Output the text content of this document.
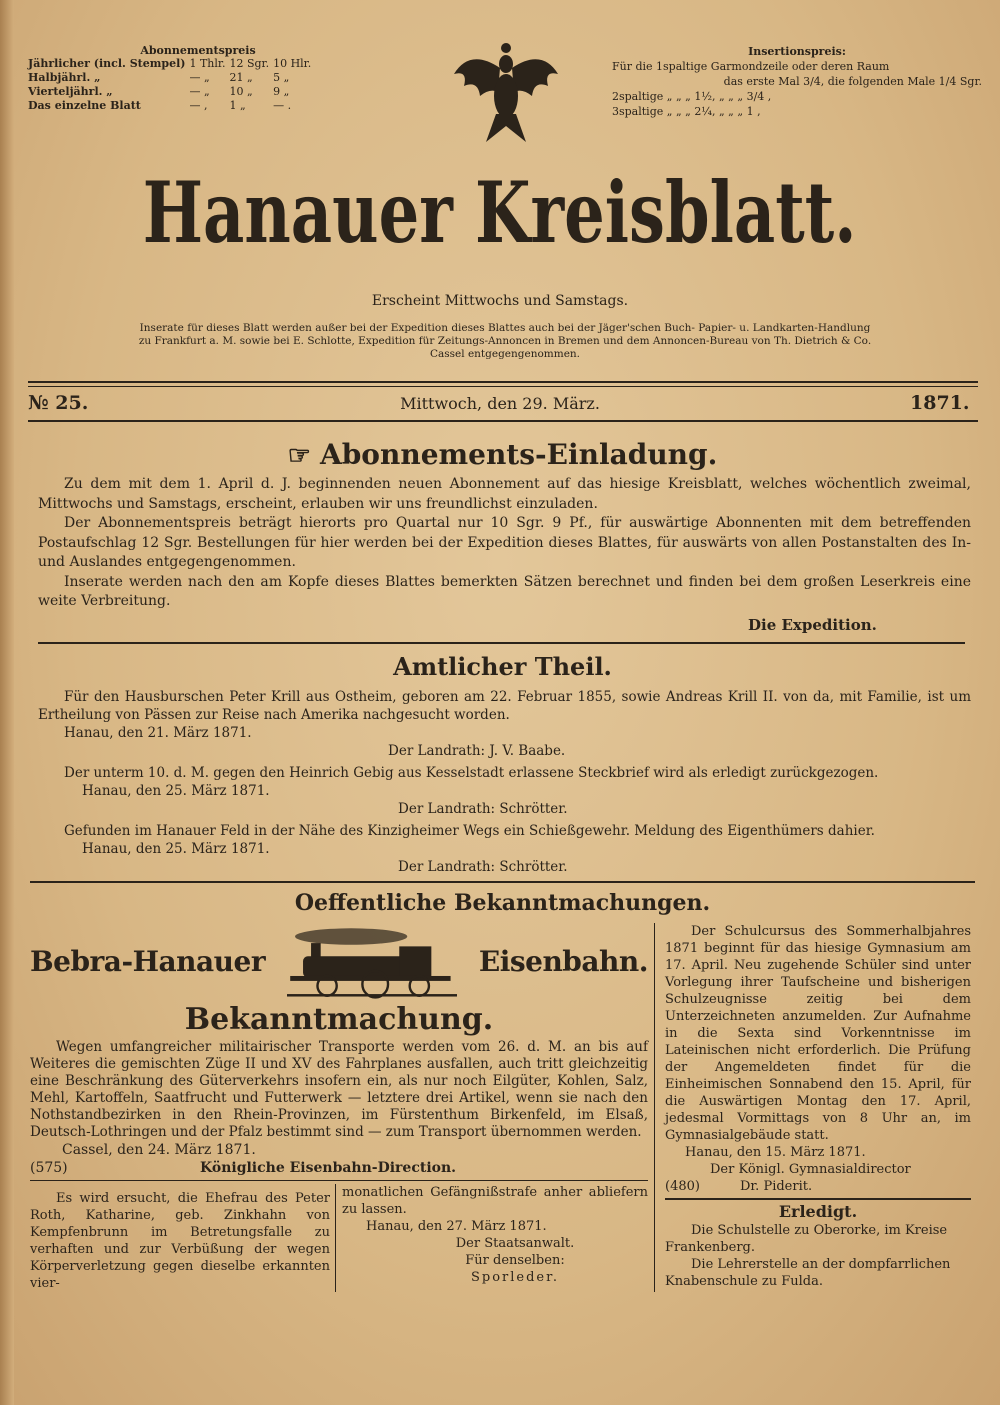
Abonnementspreis
Jährlicher (incl. Stempel)	1 Thlr.	12 Sgr.	10 Hlr.
Halbjährl. „	— „	21 „	5 „
Vierteljährl. „	— „	10 „	9 „
Das einzelne Blatt	— ,	1 „	— .
Insertionspreis:
Für die 1spaltige Garmondzeile oder deren Raum
das erste Mal 3/4, die folgenden Male 1/4 Sgr.
2spaltige „ „ „ 1½, „ „ „ 3/4 ,
3spaltige „ „ „ 2¼, „ „ „ 1 ,
Hanauer Kreisblatt.
Erscheint Mittwochs und Samstags.
Inserate für dieses Blatt werden außer bei der Expedition dieses Blattes auch bei der Jäger'schen Buch- Papier- u. Landkarten-Handlung
zu Frankfurt a. M. sowie bei E. Schlotte, Expedition für Zeitungs-Annoncen in Bremen und dem Annoncen-Bureau von Th. Dietrich & Co.
Cassel entgegengenommen.
№ 25.	Mittwoch, den 29. März.	1871.
☞ Abonnements-Einladung.
Zu dem mit dem 1. April d. J. beginnenden neuen Abonnement auf das hiesige Kreisblatt, welches wöchentlich zweimal, Mittwochs und Samstags, erscheint, erlauben wir uns freundlichst einzuladen.
Der Abonnementspreis beträgt hierorts pro Quartal nur 10 Sgr. 9 Pf., für auswärtige Abonnenten mit dem betreffenden Postaufschlag 12 Sgr. Bestellungen für hier werden bei der Expedition dieses Blattes, für auswärts von allen Postanstalten des In- und Auslandes entgegengenommen.
Inserate werden nach den am Kopfe dieses Blattes bemerkten Sätzen berechnet und finden bei dem großen Leserkreis eine weite Verbreitung.
Die Expedition.
Amtlicher Theil.
Für den Hausburschen Peter Krill aus Ostheim, geboren am 22. Februar 1855, sowie Andreas Krill II. von da, mit Familie, ist um Ertheilung von Pässen zur Reise nach Amerika nachgesucht worden.
Hanau, den 21. März 1871.
Der Landrath: J. V. Baabe.
Der unterm 10. d. M. gegen den Heinrich Gebig aus Kesselstadt erlassene Steckbrief wird als erledigt zurückgezogen.
Hanau, den 25. März 1871.
Der Landrath: Schrötter.
Gefunden im Hanauer Feld in der Nähe des Kinzigheimer Wegs ein Schießgewehr. Meldung des Eigenthümers dahier.
Hanau, den 25. März 1871.
Der Landrath: Schrötter.
Oeffentliche Bekanntmachungen.
Bebra-Hanauer	Eisenbahn.
Bekanntmachung.
Wegen umfangreicher militairischer Transporte werden vom 26. d. M. an bis auf Weiteres die gemischten Züge II und XV des Fahrplanes ausfallen, auch tritt gleichzeitig eine Beschränkung des Güterverkehrs insofern ein, als nur noch Eilgüter, Kohlen, Salz, Mehl, Kartoffeln, Saatfrucht und Futterwerk — letztere drei Artikel, wenn sie nach den Nothstandbezirken in den Rhein-Provinzen, im Fürstenthum Birkenfeld, im Elsaß, Deutsch-Lothringen und der Pfalz bestimmt sind — zum Transport übernommen werden.
Cassel, den 24. März 1871.
(575)	Königliche Eisenbahn-Direction.
Es wird ersucht, die Ehefrau des Peter Roth, Katharine, geb. Zinkhahn von Kempfenbrunn im Betretungsfalle zu verhaften und zur Verbüßung der wegen Körperverletzung gegen dieselbe erkannten vier-
monatlichen Gefängnißstrafe anher abliefern zu lassen.
Hanau, den 27. März 1871.
Der Staatsanwalt.
Für denselben:
Sporleder.
Der Schulcursus des Sommerhalbjahres 1871 beginnt für das hiesige Gymnasium am 17. April. Neu zugehende Schüler sind unter Vorlegung ihrer Taufscheine und bisherigen Schulzeugnisse zeitig bei dem Unterzeichneten anzumelden. Zur Aufnahme in die Sexta sind Vorkenntnisse im Lateinischen nicht erforderlich. Die Prüfung der Angemeldeten findet für die Einheimischen Sonnabend den 15. April, für die Auswärtigen Montag den 17. April, jedesmal Vormittags von 8 Uhr an, im Gymnasialgebäude statt.
Hanau, den 15. März 1871.
Der Königl. Gymnasialdirector
(480)	Dr. Piderit.
Erledigt.
Die Schulstelle zu Oberorke, im Kreise Frankenberg.
Die Lehrerstelle an der dompfarrlichen Knabenschule zu Fulda.
